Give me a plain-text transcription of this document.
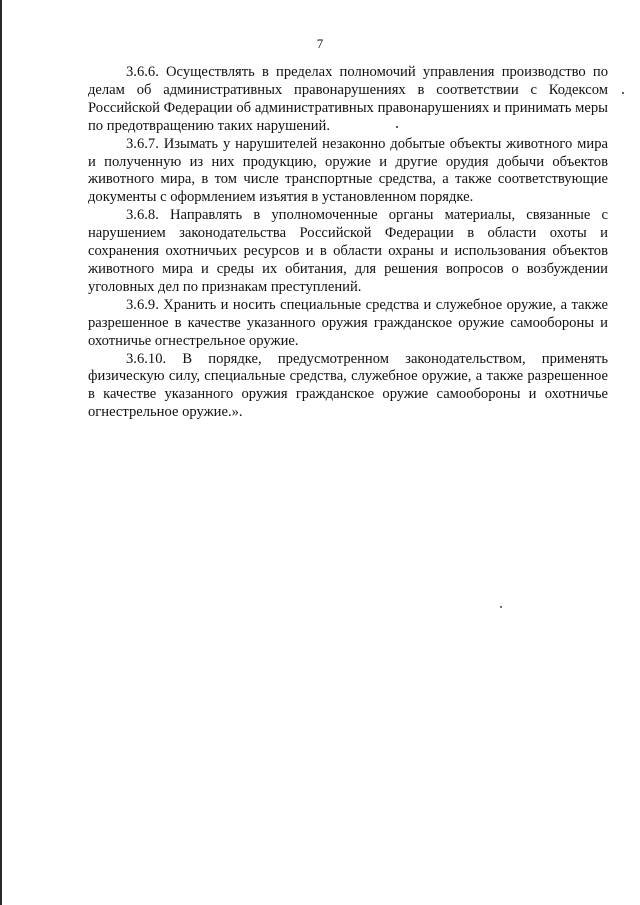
7

3.6.6. Осуществлять в пределах полномочий управления производство по делам об административных правонарушениях в соответствии с Кодексом Российской Федерации об административных правонарушениях и принимать меры по предотвращению таких нарушений.

3.6.7. Изымать у нарушителей незаконно добытые объекты животного мира и полученную из них продукцию, оружие и другие орудия добычи объектов животного мира, в том числе транспортные средства, а также соответствующие документы с оформлением изъятия в установленном порядке.

3.6.8. Направлять в уполномоченные органы материалы, связанные с нарушением законодательства Российской Федерации в области охоты и сохранения охотничьих ресурсов и в области охраны и использования объектов животного мира и среды их обитания, для решения вопросов о возбуждении уголовных дел по признакам преступлений.

3.6.9. Хранить и носить специальные средства и служебное оружие, а также разрешенное в качестве указанного оружия гражданское оружие самообороны и охотничье огнестрельное оружие.

3.6.10. В порядке, предусмотренном законодательством, применять физическую силу, специальные средства, служебное оружие, а также разрешенное в качестве указанного оружия гражданское оружие самообороны и охотничье огнестрельное оружие.».
